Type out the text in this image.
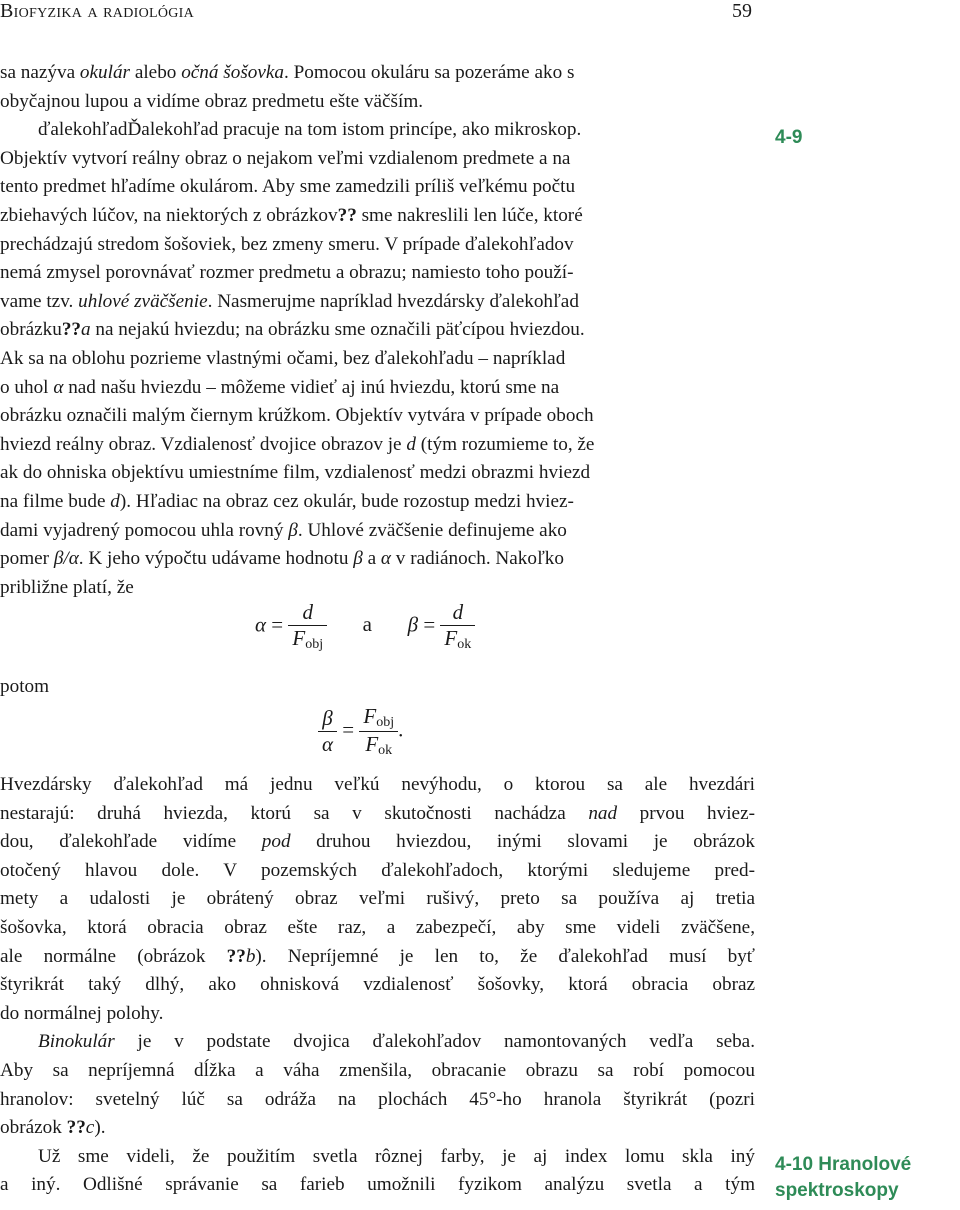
Biofyzika a radiológia	59
4-9
4-10 Hranolové
spektroskopy
sa nazýva okulár alebo očná šošovka. Pomocou okuláru sa pozeráme ako s
obyčajnou lupou a vidíme obraz predmetu ešte väčším.
ďalekohľadĎalekohľad pracuje na tom istom princípe, ako mikroskop.
Objektív vytvorí reálny obraz o nejakom veľmi vzdialenom predmete a na
tento predmet hľadíme okulárom. Aby sme zamedzili príliš veľkému počtu
zbiehavých lúčov, na niektorých z obrázkov?? sme nakreslili len lúče, ktoré
prechádzajú stredom šošoviek, bez zmeny smeru. V prípade ďalekohľadov
nemá zmysel porovnávať rozmer predmetu a obrazu; namiesto toho použí-
vame tzv. uhlové zväčšenie. Nasmerujme napríklad hvezdársky ďalekohľad
obrázku??a na nejakú hviezdu; na obrázku sme označili päťcípou hviezdou.
Ak sa na oblohu pozrieme vlastnými očami, bez ďalekohľadu – napríklad
o uhol α nad našu hviezdu – môžeme vidieť aj inú hviezdu, ktorú sme na
obrázku označili malým čiernym krúžkom. Objektív vytvára v prípade oboch
hviezd reálny obraz. Vzdialenosť dvojice obrazov je d (tým rozumieme to, že
ak do ohniska objektívu umiestníme film, vzdialenosť medzi obrazmi hviezd
na filme bude d). Hľadiac na obraz cez okulár, bude rozostup medzi hviez-
dami vyjadrený pomocou uhla rovný β. Uhlové zväčšenie definujeme ako
pomer β/α. K jeho výpočtu udávame hodnotu β a α v radiánoch. Nakoľko
približne platí, že
$\alpha = \frac{d}{F_{obj}}$ a $\beta = \frac{d}{F_{ok}}$
potom
$\frac{\beta}{\alpha} = \frac{F_{obj}}{F_{ok}}$ .
Hvezdársky ďalekohľad má jednu veľkú nevýhodu, o ktorou sa ale hvezdári
nestarajú: druhá hviezda, ktorú sa v skutočnosti nachádza nad prvou hviez-
dou, ďalekohľade vidíme pod druhou hviezdou, inými slovami je obrázok
otočený hlavou dole. V pozemských ďalekohľadoch, ktorými sledujeme pred-
mety a udalosti je obrátený obraz veľmi rušivý, preto sa používa aj tretia
šošovka, ktorá obracia obraz ešte raz, a zabezpečí, aby sme videli zväčšene,
ale normálne (obrázok ??b). Nepríjemné je len to, že ďalekohľad musí byť
štyrikrát taký dlhý, ako ohnisková vzdialenosť šošovky, ktorá obracia obraz
do normálnej polohy.
Binokulár je v podstate dvojica ďalekohľadov namontovaných vedľa seba.
Aby sa nepríjemná dĺžka a váha zmenšila, obracanie obrazu sa robí pomocou
hranolov: svetelný lúč sa odráža na plochách 45°-ho hranola štyrikrát (pozri
obrázok ??c).
Už sme videli, že použitím svetla rôznej farby, je aj index lomu skla iný
a iný. Odlišné správanie sa farieb umožnili fyzikom analýzu svetla a tým
